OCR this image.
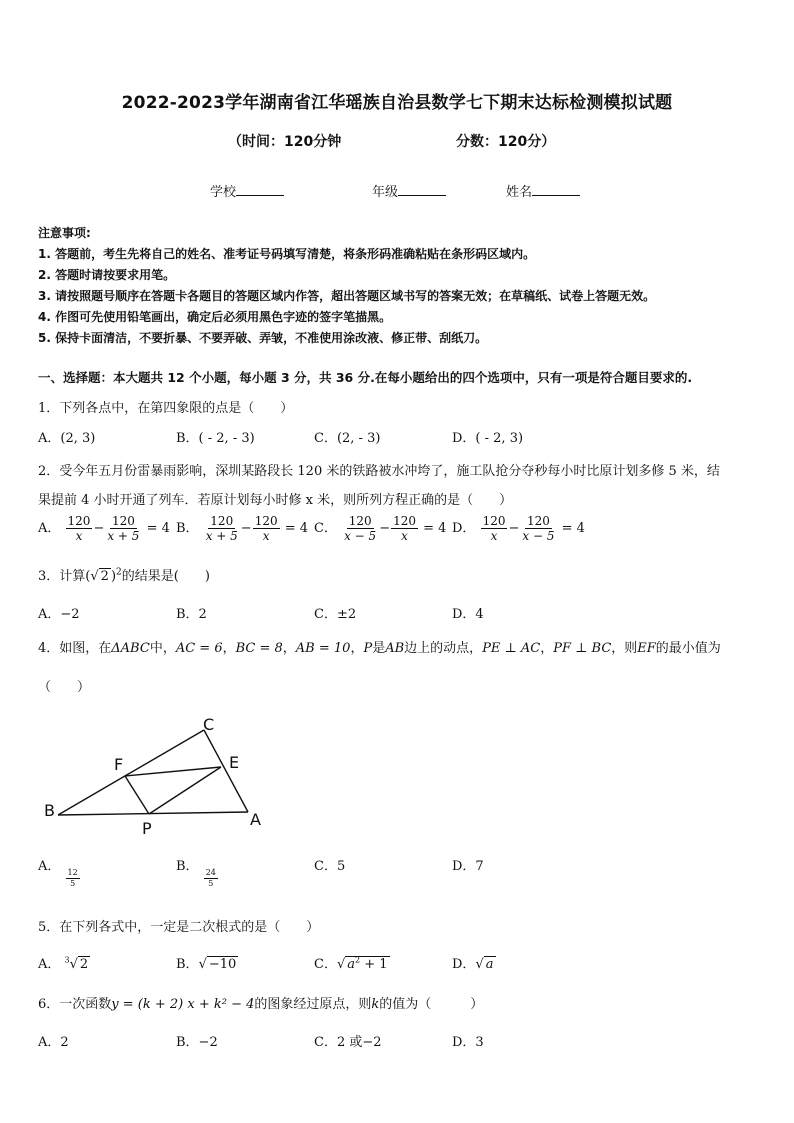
2022-2023学年湖南省江华瑶族自治县数学七下期末达标检测模拟试题
（时间：120分钟	分数：120分）
学校	年级	姓名
注意事项:
1. 答题前，考生先将自己的姓名、准考证号码填写清楚，将条形码准确粘贴在条形码区域内。
2. 答题时请按要求用笔。
3. 请按照题号顺序在答题卡各题目的答题区域内作答，超出答题区域书写的答案无效；在草稿纸、试卷上答题无效。
4. 作图可先使用铅笔画出，确定后必须用黑色字迹的签字笔描黑。
5. 保持卡面清洁，不要折暴、不要弄破、弄皱，不准使用涂改液、修正带、刮纸刀。
一、选择题：本大题共 12 个小题，每小题 3 分，共 36 分.在每小题给出的四个选项中，只有一项是符合题目要求的.
1．下列各点中，在第四象限的点是（　　）
A．(2, 3)	B．( - 2, - 3)	C．(2, - 3)	D．( - 2, 3)
2．受今年五月份雷暴雨影响，深圳某路段长 120 米的铁路被水冲垮了，施工队抢分夺秒每小时比原计划多修 5 米，结
果提前 4 小时开通了列车．若原计划每小时修 x 米，则所列方程正确的是（　　）
A． $\frac{120}{x} - \frac{120}{x + 5} = 4$ B． $\frac{120}{x + 5} - \frac{120}{x} = 4$ C． $\frac{120}{x - 5} - \frac{120}{x} = 4$ D． $\frac{120}{x} - \frac{120}{x - 5} = 4$
3．计算(√ 2 )$^2$的结果是(　　)
A．−2	B．2	C．±2	D．4
4．如图，在ΔABC中，AC = 6，BC = 8，AB = 10，P是AB边上的动点，PE ⊥ AC，PF ⊥ BC，则EF的最小值为
（　　）
C
F	E
B
P	A
A．
$\frac{12}{5}$
B．
$\frac{24}{5}$
C．5	D．7
5．在下列各式中，一定是二次根式的是（　　）
A． $^3$√ 2	B．√ −10	C．√ $a^2 + 1$	D．√ a
6．一次函数y = (k + 2) x + k² − 4的图象经过原点，则k的值为（　　　）
A．2	B．−2	C．2 或−2	D．3
